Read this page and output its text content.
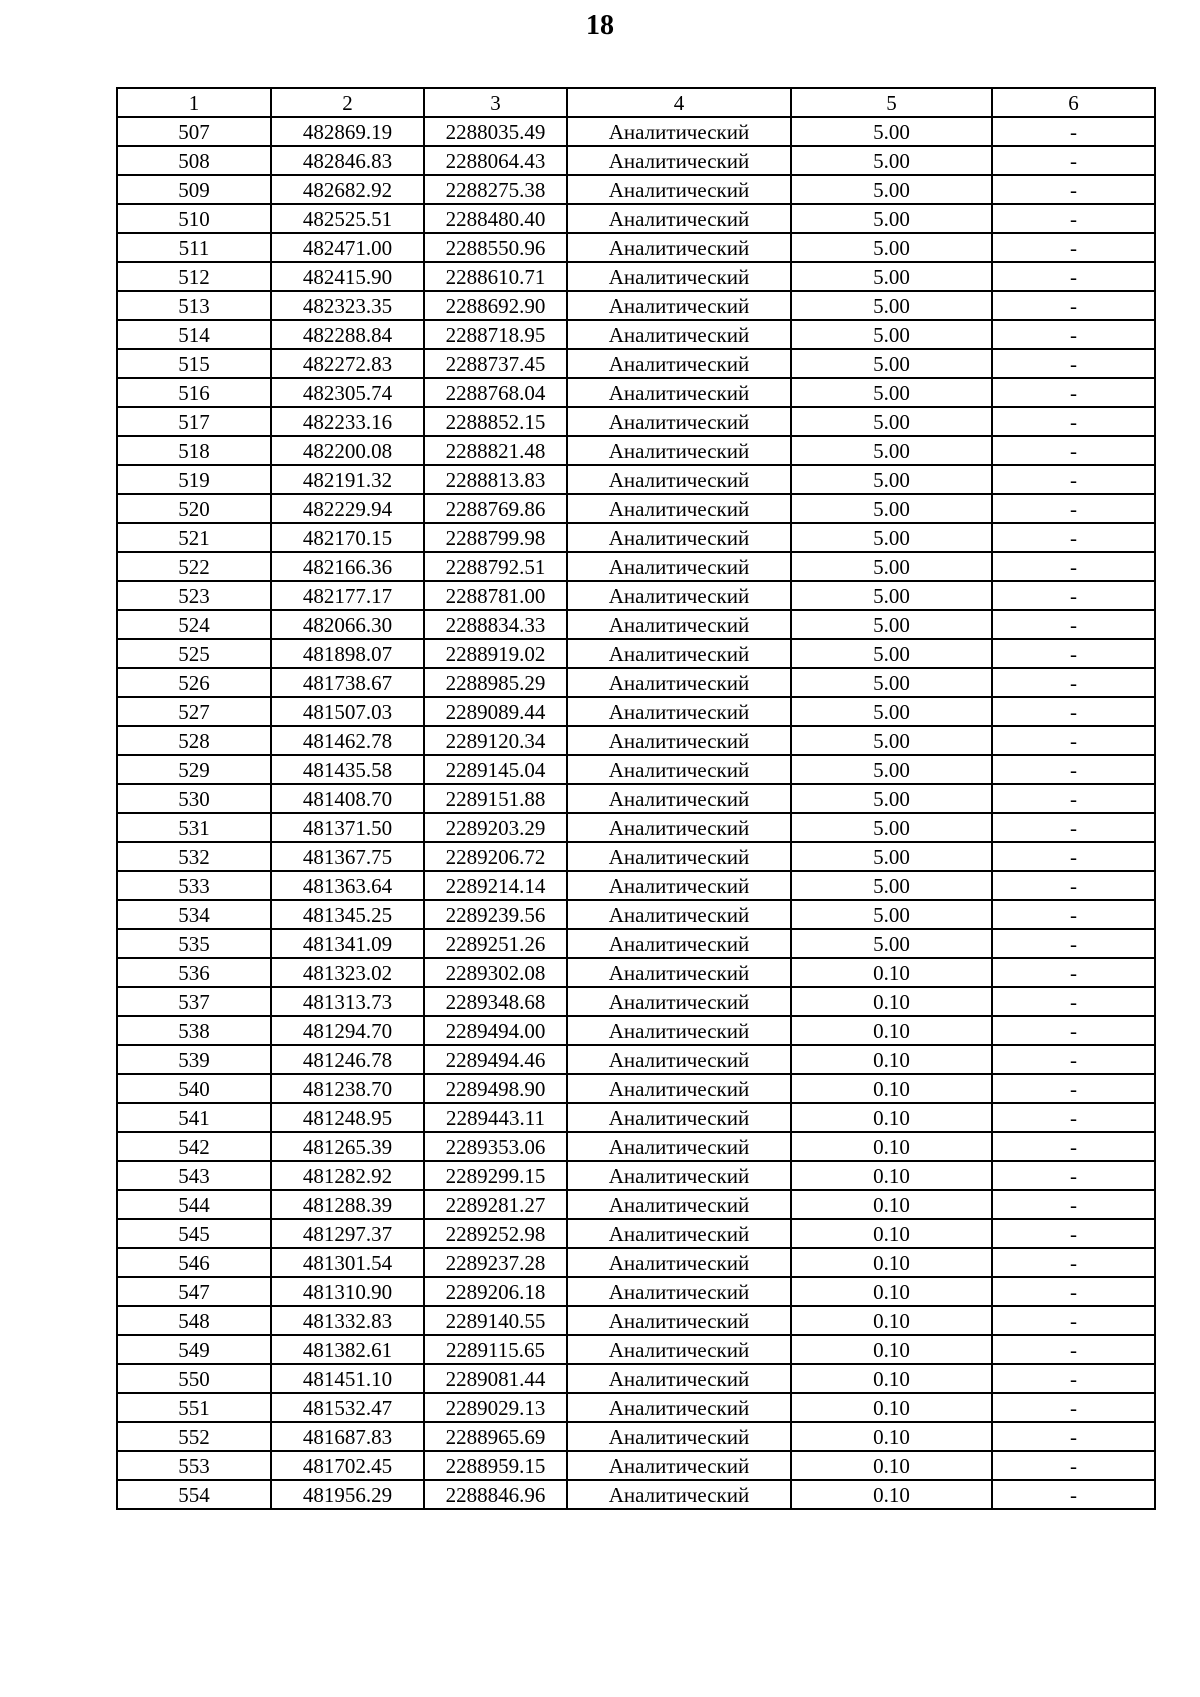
18
1	2	3	4	5	6
507	482869.19	2288035.49	Аналитический	5.00	-
508	482846.83	2288064.43	Аналитический	5.00	-
509	482682.92	2288275.38	Аналитический	5.00	-
510	482525.51	2288480.40	Аналитический	5.00	-
511	482471.00	2288550.96	Аналитический	5.00	-
512	482415.90	2288610.71	Аналитический	5.00	-
513	482323.35	2288692.90	Аналитический	5.00	-
514	482288.84	2288718.95	Аналитический	5.00	-
515	482272.83	2288737.45	Аналитический	5.00	-
516	482305.74	2288768.04	Аналитический	5.00	-
517	482233.16	2288852.15	Аналитический	5.00	-
518	482200.08	2288821.48	Аналитический	5.00	-
519	482191.32	2288813.83	Аналитический	5.00	-
520	482229.94	2288769.86	Аналитический	5.00	-
521	482170.15	2288799.98	Аналитический	5.00	-
522	482166.36	2288792.51	Аналитический	5.00	-
523	482177.17	2288781.00	Аналитический	5.00	-
524	482066.30	2288834.33	Аналитический	5.00	-
525	481898.07	2288919.02	Аналитический	5.00	-
526	481738.67	2288985.29	Аналитический	5.00	-
527	481507.03	2289089.44	Аналитический	5.00	-
528	481462.78	2289120.34	Аналитический	5.00	-
529	481435.58	2289145.04	Аналитический	5.00	-
530	481408.70	2289151.88	Аналитический	5.00	-
531	481371.50	2289203.29	Аналитический	5.00	-
532	481367.75	2289206.72	Аналитический	5.00	-
533	481363.64	2289214.14	Аналитический	5.00	-
534	481345.25	2289239.56	Аналитический	5.00	-
535	481341.09	2289251.26	Аналитический	5.00	-
536	481323.02	2289302.08	Аналитический	0.10	-
537	481313.73	2289348.68	Аналитический	0.10	-
538	481294.70	2289494.00	Аналитический	0.10	-
539	481246.78	2289494.46	Аналитический	0.10	-
540	481238.70	2289498.90	Аналитический	0.10	-
541	481248.95	2289443.11	Аналитический	0.10	-
542	481265.39	2289353.06	Аналитический	0.10	-
543	481282.92	2289299.15	Аналитический	0.10	-
544	481288.39	2289281.27	Аналитический	0.10	-
545	481297.37	2289252.98	Аналитический	0.10	-
546	481301.54	2289237.28	Аналитический	0.10	-
547	481310.90	2289206.18	Аналитический	0.10	-
548	481332.83	2289140.55	Аналитический	0.10	-
549	481382.61	2289115.65	Аналитический	0.10	-
550	481451.10	2289081.44	Аналитический	0.10	-
551	481532.47	2289029.13	Аналитический	0.10	-
552	481687.83	2288965.69	Аналитический	0.10	-
553	481702.45	2288959.15	Аналитический	0.10	-
554	481956.29	2288846.96	Аналитический	0.10	-
